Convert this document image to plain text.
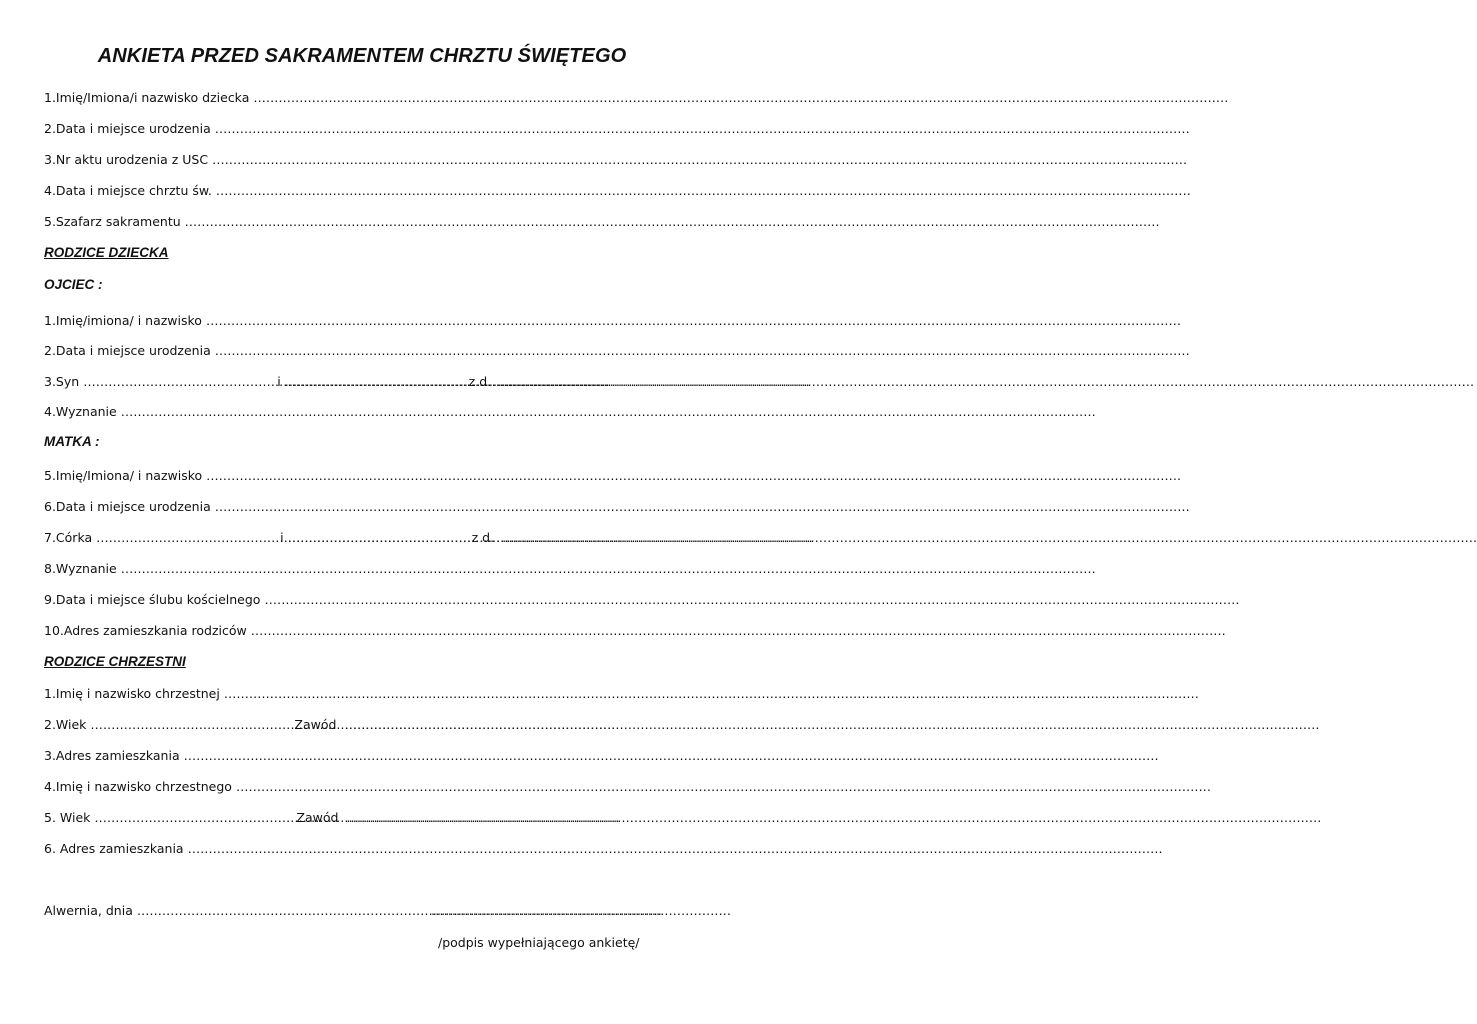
ANKIETA PRZED SAKRAMENTEM CHRZTU ŚWIĘTEGO
1.Imię/Imiona/i nazwisko dziecka
………………………………………………………………………………………………………………………………………………………………………………………………………………
2.Data i miejsce urodzenia
………………………………………………………………………………………………………………………………………………………………………………………………………………
3.Nr aktu urodzenia z USC
………………………………………………………………………………………………………………………………………………………………………………………………………………
4.Data i miejsce chrztu św.
………………………………………………………………………………………………………………………………………………………………………………………………………………
5.Szafarz sakramentu
………………………………………………………………………………………………………………………………………………………………………………………………………………
RODZICE DZIECKA
OJCIEC :
1.Imię/imiona/ i nazwisko
………………………………………………………………………………………………………………………………………………………………………………………………………………
2.Data i miejsce urodzenia
………………………………………………………………………………………………………………………………………………………………………………………………………………
3.Syn ………………………………………………………………………………………………………………	i ………………………………………………………………………………………………………………	z d.
………………………………………………………………………………………………………………………………………………………………………………………………………………
4.Wyznanie
………………………………………………………………………………………………………………………………………………………………………………………………………………
MATKA :
5.Imię/Imiona/ i nazwisko
………………………………………………………………………………………………………………………………………………………………………………………………………………
6.Data i miejsce urodzenia
………………………………………………………………………………………………………………………………………………………………………………………………………………
7.Córka ………………………………………………………………………………………………………………	i ………………………………………………………………………………………………………………	z d.
………………………………………………………………………………………………………………………………………………………………………………………………………………
8.Wyznanie
………………………………………………………………………………………………………………………………………………………………………………………………………………
9.Data i miejsce ślubu kościelnego
………………………………………………………………………………………………………………………………………………………………………………………………………………
10.Adres zamieszkania rodziców
………………………………………………………………………………………………………………………………………………………………………………………………………………
RODZICE CHRZESTNI
1.Imię i nazwisko chrzestnej
………………………………………………………………………………………………………………………………………………………………………………………………………………
2.Wiek ………………………………………………………………………………………………………………	Zawód
………………………………………………………………………………………………………………………………………………………………………………………………………………
3.Adres zamieszkania
………………………………………………………………………………………………………………………………………………………………………………………………………………
4.Imię i nazwisko chrzestnego
………………………………………………………………………………………………………………………………………………………………………………………………………………
5. Wiek ………………………………………………………………………………………………………………	Zawód
………………………………………………………………………………………………………………………………………………………………………………………………………………
6. Adres zamieszkania
………………………………………………………………………………………………………………………………………………………………………………………………………………
Alwernia, dnia ………………………………………………………………………………………………………………	………………………………………………………………
/podpis wypełniającego ankietę/
